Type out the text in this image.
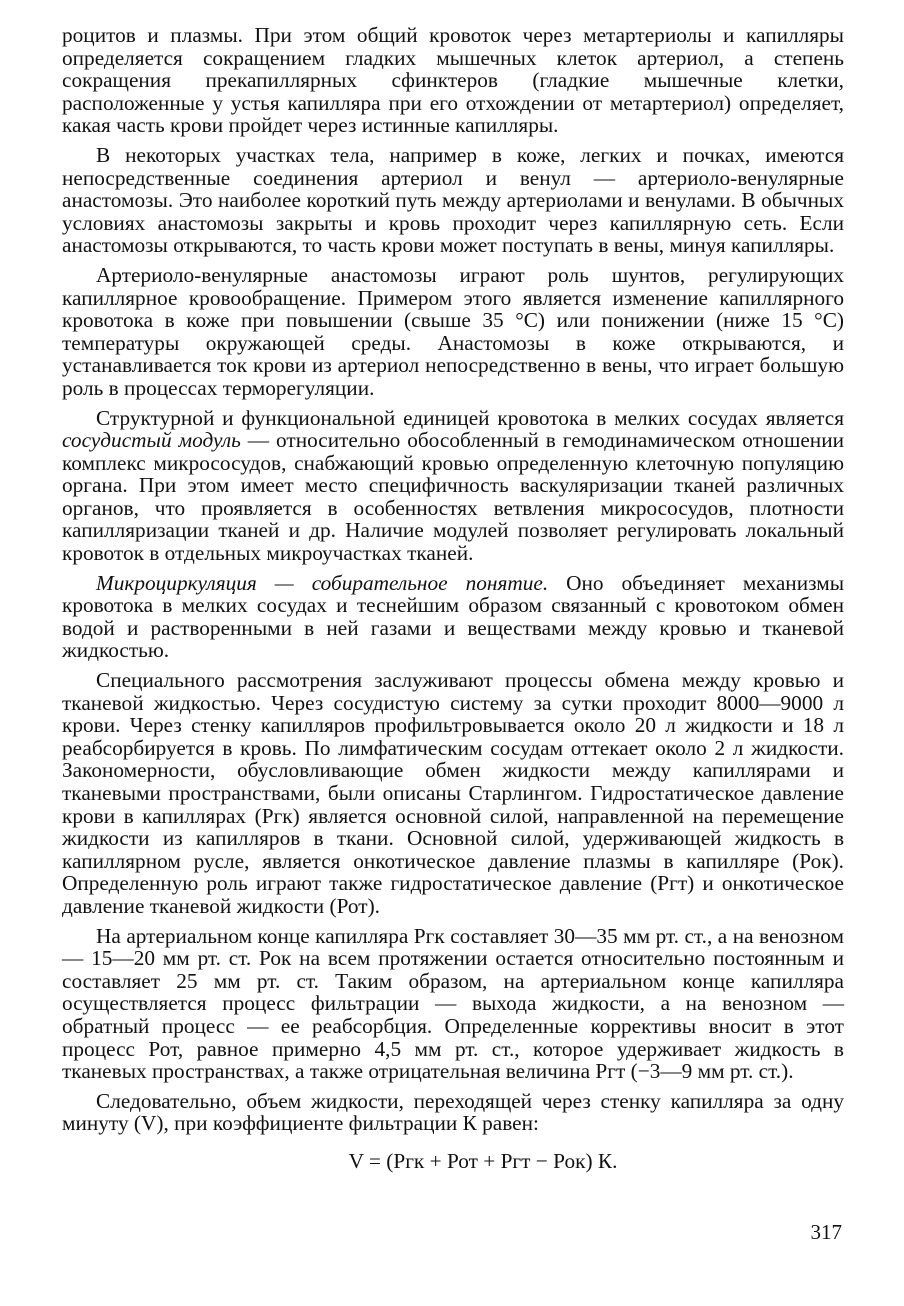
роцитов и плазмы. При этом общий кровоток через метартериолы и капилляры определяется сокращением гладких мышечных клеток артериол, а степень сокращения прекапиллярных сфинктеров (гладкие мышечные клетки, расположенные у устья капилляра при его отхождении от метартериол) определяет, какая часть крови пройдет через истинные капилляры.

В некоторых участках тела, например в коже, легких и почках, имеются непосредственные соединения артериол и венул — артериоло-венулярные анастомозы. Это наиболее короткий путь между артериолами и венулами. В обычных условиях анастомозы закрыты и кровь проходит через капиллярную сеть. Если анастомозы открываются, то часть крови может поступать в вены, минуя капилляры.

Артериоло-венулярные анастомозы играют роль шунтов, регулирующих капиллярное кровообращение. Примером этого является изменение капиллярного кровотока в коже при повышении (свыше 35 °С) или понижении (ниже 15 °С) температуры окружающей среды. Анастомозы в коже открываются, и устанавливается ток крови из артериол непосредственно в вены, что играет большую роль в процессах терморегуляции.

Структурной и функциональной единицей кровотока в мелких сосудах является сосудистый модуль — относительно обособленный в гемодинамическом отношении комплекс микрососудов, снабжающий кровью определенную клеточную популяцию органа. При этом имеет место специфичность васкуляризации тканей различных органов, что проявляется в особенностях ветвления микрососудов, плотности капилляризации тканей и др. Наличие модулей позволяет регулировать локальный кровоток в отдельных микроучастках тканей.

Микроциркуляция — собирательное понятие. Оно объединяет механизмы кровотока в мелких сосудах и теснейшим образом связанный с кровотоком обмен водой и растворенными в ней газами и веществами между кровью и тканевой жидкостью.

Специального рассмотрения заслуживают процессы обмена между кровью и тканевой жидкостью. Через сосудистую систему за сутки проходит 8000—9000 л крови. Через стенку капилляров профильтровывается около 20 л жидкости и 18 л реабсорбируется в кровь. По лимфатическим сосудам оттекает около 2 л жидкости. Закономерности, обусловливающие обмен жидкости между капиллярами и тканевыми пространствами, были описаны Старлингом. Гидростатическое давление крови в капиллярах (Ргк) является основной силой, направленной на перемещение жидкости из капилляров в ткани. Основной силой, удерживающей жидкость в капиллярном русле, является онкотическое давление плазмы в капилляре (Рок). Определенную роль играют также гидростатическое давление (Ргт) и онкотическое давление тканевой жидкости (Рот).

На артериальном конце капилляра Ргк составляет 30—35 мм рт. ст., а на венозном — 15—20 мм рт. ст. Рок на всем протяжении остается относительно постоянным и составляет 25 мм рт. ст. Таким образом, на артериальном конце капилляра осуществляется процесс фильтрации — выхода жидкости, а на венозном — обратный процесс — ее реабсорбция. Определенные коррективы вносит в этот процесс Рот, равное примерно 4,5 мм рт. ст., которое удерживает жидкость в тканевых пространствах, а также отрицательная величина Ргт (−3—9 мм рт. ст.).

Следовательно, объем жидкости, переходящей через стенку капилляра за одну минуту (V), при коэффициенте фильтрации К равен:

V = (Ргк + Рот + Ргт − Рок) К.
317
